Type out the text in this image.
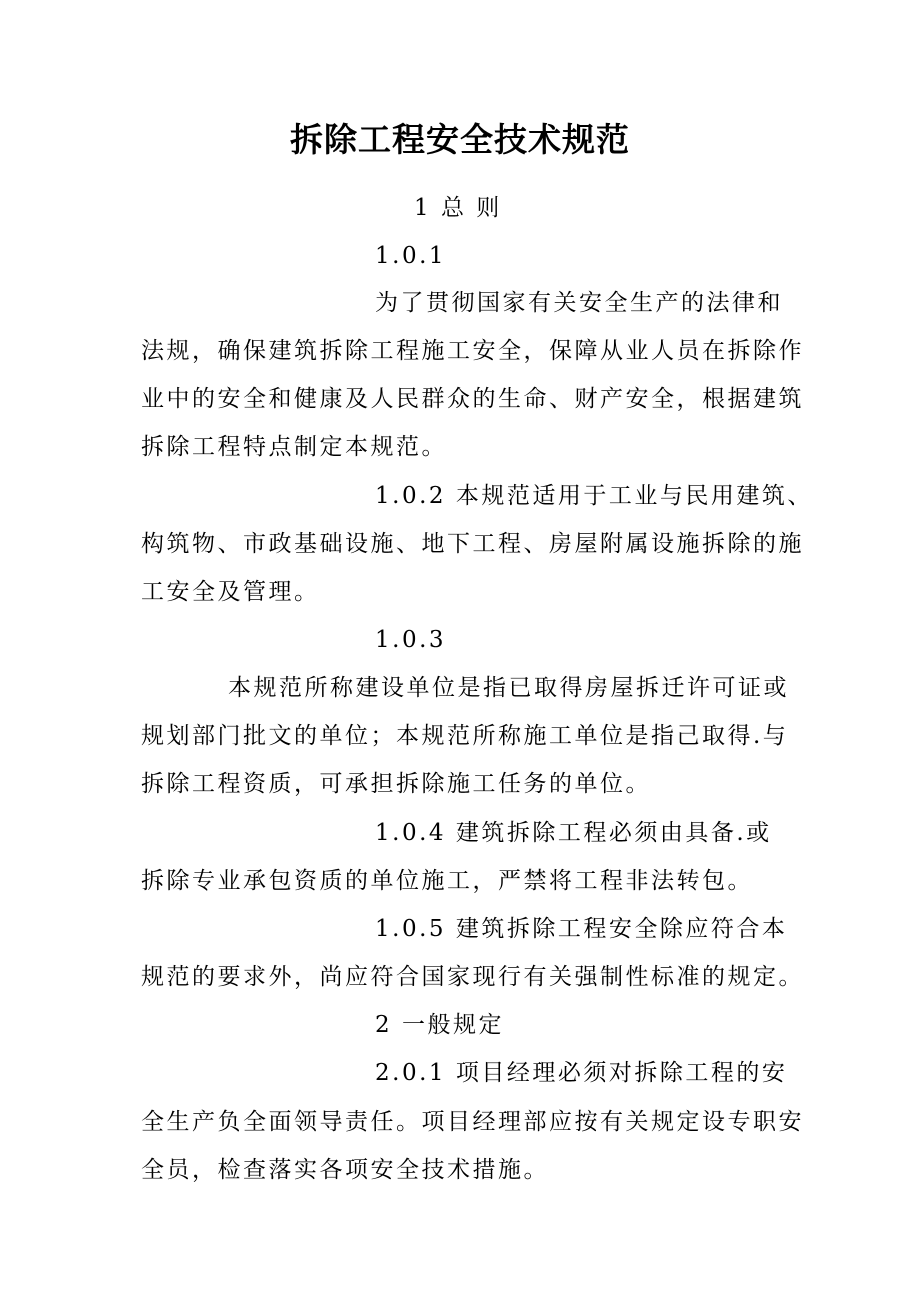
拆除工程安全技术规范
1 总 则
1.0.1
为了贯彻国家有关安全生产的法律和
法规，确保建筑拆除工程施工安全，保障从业人员在拆除作
业中的安全和健康及人民群众的生命、财产安全，根据建筑
拆除工程特点制定本规范。
1.0.2 本规范适用于工业与民用建筑、
构筑物、市政基础设施、地下工程、房屋附属设施拆除的施
工安全及管理。
1.0.3
本规范所称建设单位是指已取得房屋拆迁许可证或
规划部门批文的单位；本规范所称施工单位是指己取得.与
拆除工程资质，可承担拆除施工任务的单位。
1.0.4 建筑拆除工程必须由具备.或
拆除专业承包资质的单位施工，严禁将工程非法转包。
1.0.5 建筑拆除工程安全除应符合本
规范的要求外，尚应符合国家现行有关强制性标准的规定。
2 一般规定
2.0.1 项目经理必须对拆除工程的安
全生产负全面领导责任。项目经理部应按有关规定设专职安
全员，检查落实各项安全技术措施。
